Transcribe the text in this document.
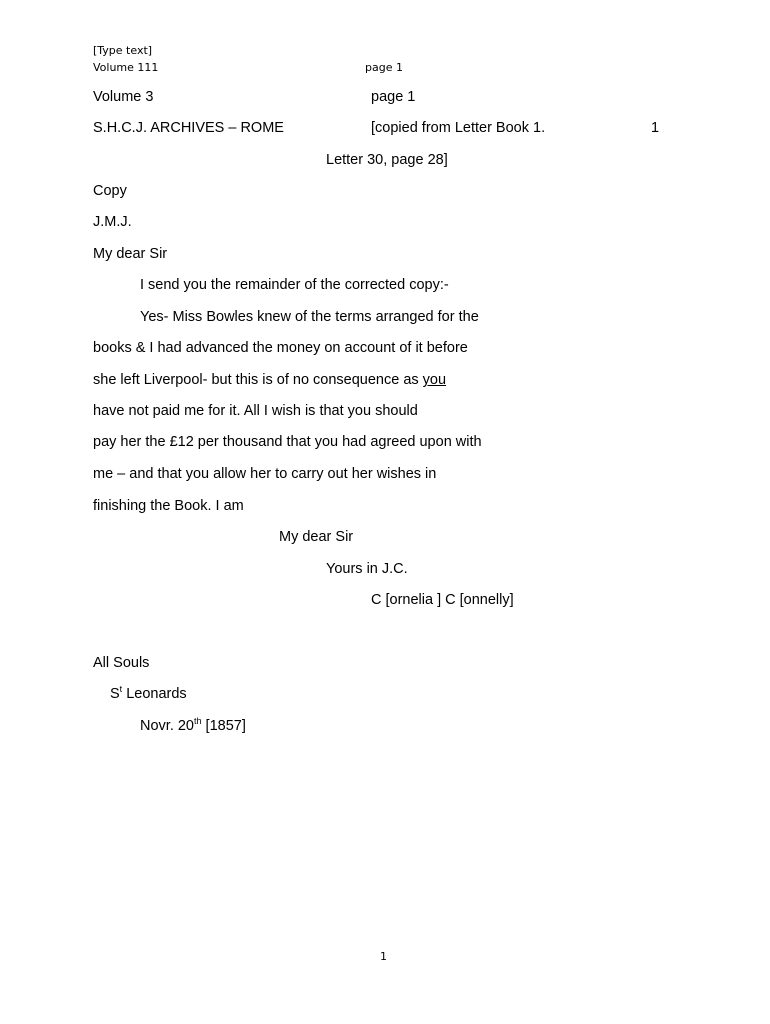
[Type text]
Volume 111	page 1
Volume 3	page 1
S.H.C.J. ARCHIVES – ROME	[copied from Letter Book 1.	1
Letter 30, page 28]
Copy
J.M.J.
My dear Sir
I send you the remainder of the corrected copy:-
Yes- Miss Bowles knew of the terms arranged for the
books & I had advanced the money on account of it before
she left Liverpool- but this is of no consequence as you
have not paid me for it. All I wish is that you should
pay her the £12 per thousand that you had agreed upon with
me – and that you allow her to carry out her wishes in
finishing the Book. I am
My dear Sir
Yours in J.C.
C [ornelia ] C [onnelly]
All Souls
$S^t$ Leonards
Novr. 20th [1857]
1
